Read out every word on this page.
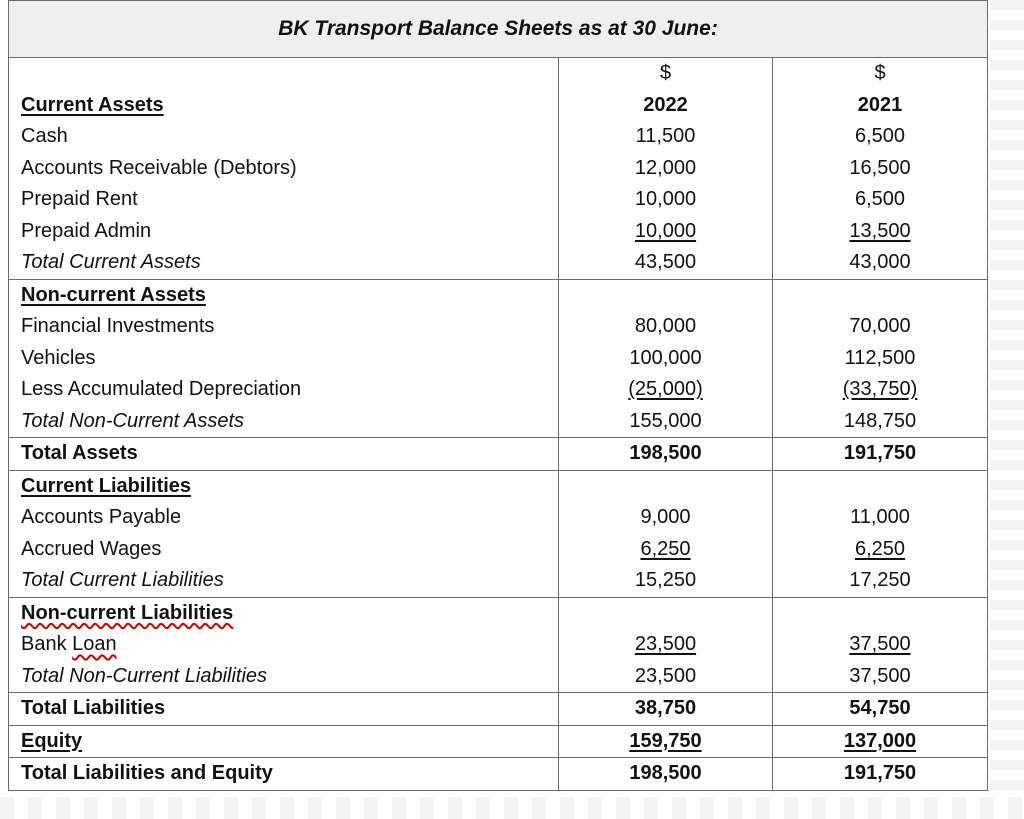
BK Transport Balance Sheets as at 30 June:		
	$	$
Current Assets	2022	2021
Cash	11,500	6,500
Accounts Receivable (Debtors)	12,000	16,500
Prepaid Rent	10,000	6,500
Prepaid Admin	10,000	13,500
Total Current Assets	43,500	43,000
Non-current Assets		
Financial Investments	80,000	70,000
Vehicles	100,000	112,500
Less Accumulated Depreciation	(25,000)	(33,750)
Total Non-Current Assets	155,000	148,750
Total Assets	198,500	191,750
Current Liabilities		
Accounts Payable	9,000	11,000
Accrued Wages	6,250	6,250
Total Current Liabilities	15,250	17,250
Non-current Liabilities		
Bank Loan	23,500	37,500
Total Non-Current Liabilities	23,500	37,500
Total Liabilities	38,750	54,750
Equity	159,750	137,000
Total Liabilities and Equity	198,500	191,750
